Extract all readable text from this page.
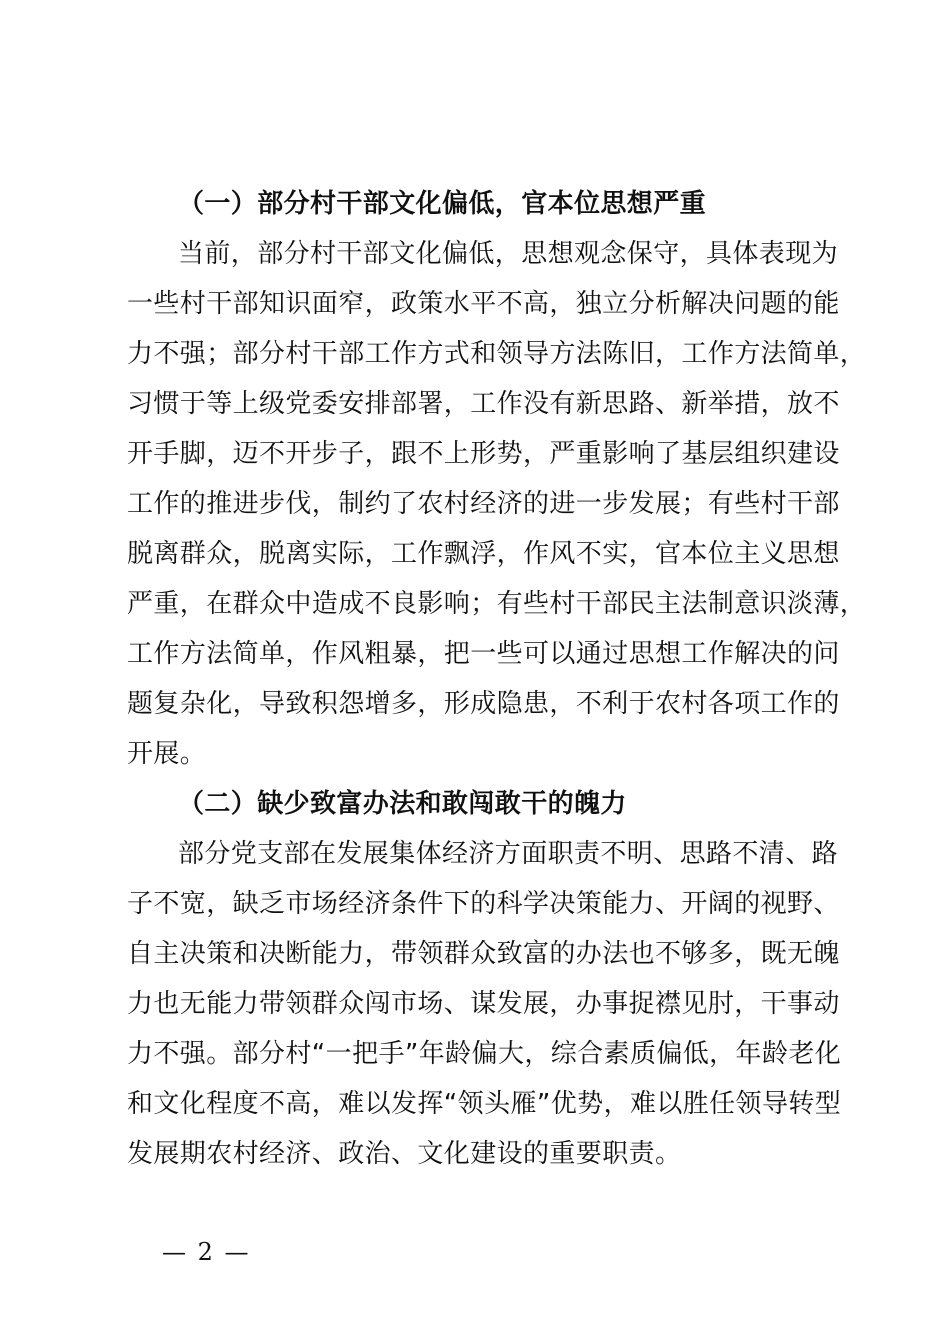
（一）部分村干部文化偏低，官本位思想严重
当前，部分村干部文化偏低，思想观念保守，具体表现为
一些村干部知识面窄，政策水平不高，独立分析解决问题的能
力不强；部分村干部工作方式和领导方法陈旧，工作方法简单，
习惯于等上级党委安排部署，工作没有新思路、新举措，放不
开手脚，迈不开步子，跟不上形势，严重影响了基层组织建设
工作的推进步伐，制约了农村经济的进一步发展；有些村干部
脱离群众，脱离实际，工作飘浮，作风不实，官本位主义思想
严重，在群众中造成不良影响；有些村干部民主法制意识淡薄，
工作方法简单，作风粗暴，把一些可以通过思想工作解决的问
题复杂化，导致积怨增多，形成隐患，不利于农村各项工作的
开展。
（二）缺少致富办法和敢闯敢干的魄力
部分党支部在发展集体经济方面职责不明、思路不清、路
子不宽，缺乏市场经济条件下的科学决策能力、开阔的视野、
自主决策和决断能力，带领群众致富的办法也不够多，既无魄
力也无能力带领群众闯市场、谋发展，办事捉襟见肘，干事动
力不强。部分村“一把手”年龄偏大，综合素质偏低，年龄老化
和文化程度不高，难以发挥“领头雁”优势，难以胜任领导转型
发展期农村经济、政治、文化建设的重要职责。
— 2 —
